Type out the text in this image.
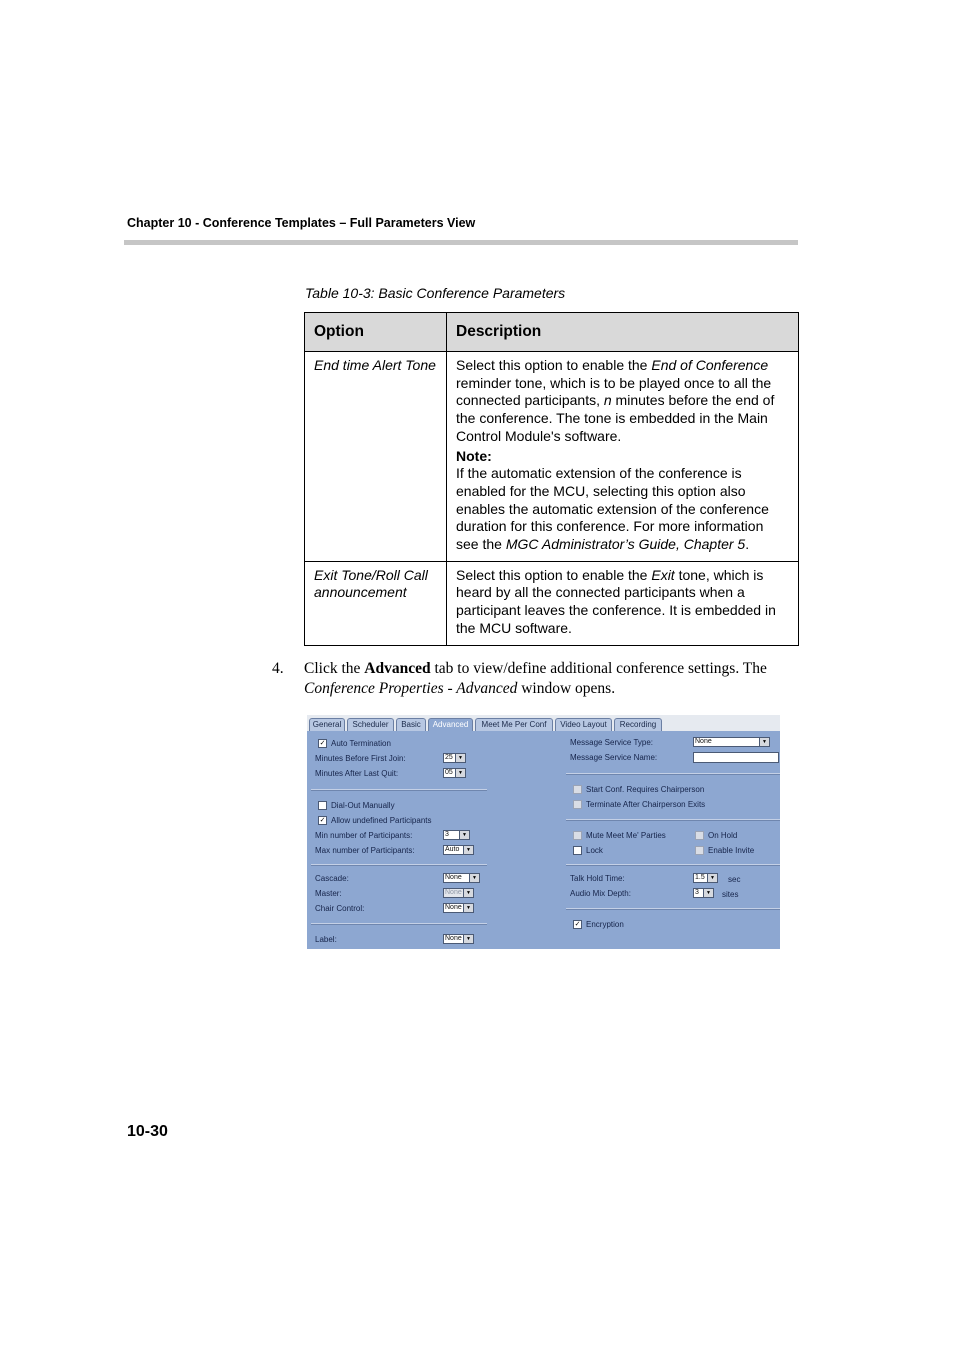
Chapter 10 - Conference Templates – Full Parameters View
Table 10-3: Basic Conference Parameters
Option	Description
End time Alert Tone	Select this option to enable the End of Conference reminder tone, which is to be played once to all the connected participants, n minutes before the end of the conference. The tone is embedded in the Main Control Module's software.
Note:
If the automatic extension of the conference is enabled for the MCU, selecting this option also enables the automatic extension of the conference duration for this conference. For more information see the MGC Administrator’s Guide, Chapter 5.
Exit Tone/Roll Call announcement	Select this option to enable the Exit tone, which is heard by all the connected participants when a participant leaves the conference. It is embedded in the MCU software.
4. Click the Advanced tab to view/define additional conference settings. The Conference Properties - Advanced window opens.
General	Scheduler	Basic	Advanced	Meet Me Per Conf	Video Layout	Recording
✓ Auto Termination
Minutes Before First Join:	25	▼
Minutes After Last Quit:	05	▼
Dial-Out Manually
✓ Allow undefined Participants
Min number of Participants:	3	▼
Max number of Participants:	Auto	▼
Cascade:	None	▼
Master:	None ▼
Chair Control:	None ▼
Label:	None ▼
Message Service Type:	None	▼
Message Service Name:
Start Conf. Requires Chairperson
Terminate After Chairperson Exits
Mute Meet Me' Parties	On Hold
Lock	Enable Invite
Talk Hold Time:	1.5	▼ sec
Audio Mix Depth:	3	▼ sites
✓ Encryption
10-30
